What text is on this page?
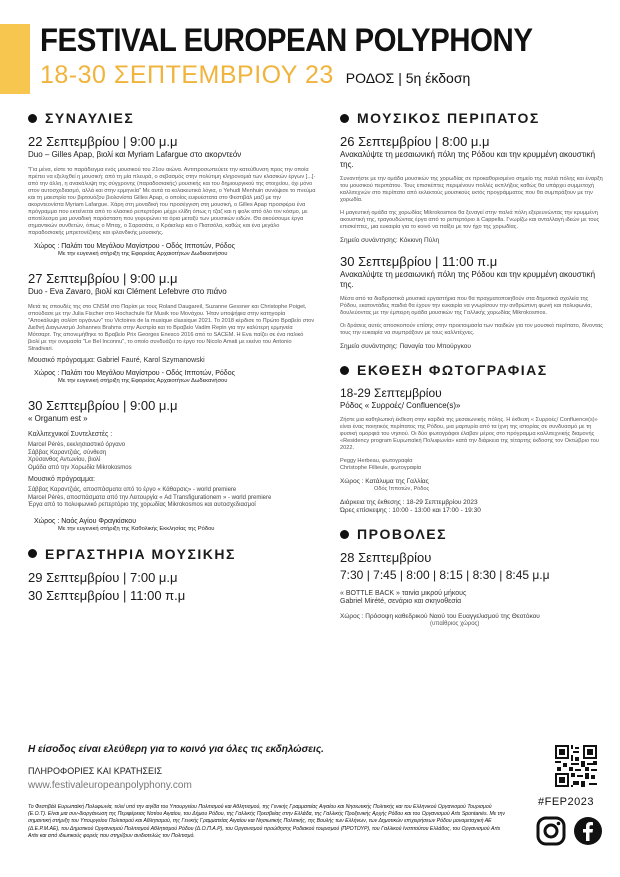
FESTIVAL EUROPEAN POLYPHONY
18-30 ΣΕΠΤΕΜΒΡΙΟΥ 23 ΡΟΔΟΣ | 5η έκδοση
ΣΥΝΑΥΛΙΕΣ
22 Σεπτεμβρίου | 9:00 μ.μ
Duo – Gilles Apap, βιολί και Myriam Lafargue στο ακορντεόν
"Για μένα, είστε το παράδειγμα ενός μουσικού του 21ου αιώνα. Αντιπροσωπεύετε την κατεύθυνση προς την οποία πρέπει να εξελιχθεί η μουσική: από τη μία πλευρά, ο σεβασμός στην πολύτιμη κληρονομιά των κλασικών έργων [...]· από την άλλη, η ανακάλυψη της σύγχρονης (παραδοσιακής) μουσικής και του δημιουργικού της στοιχείου, όχι μόνο στον αυτοσχεδιασμό, αλλά και στην ερμηνεία" Με αυτά τα κολακευτικά λόγια, ο Yehudi Menhuin συνόψισε το πνεύμα και τη μαεστρία του βιρτουόζου βιολονίστα Gilles Apap, ο οποίος ευφυέστατα στο Φεστιβάλ μαζί με την ακορντεονίστα Myriam Lafargue. Χάρη στη μοναδική του προσέγγιση στη μουσική, ο Gilles Apap προσφέρει ένα πρόγραμμα που εκτείνεται από το κλασικό ρεπερτόριο μέχρι ελίδη όπως η τζαζ και η φολκ από όλο τον κόσμο, με αποτέλεσμα μια μοναδική παράσταση που γεφυρώνει τα όρια μεταξύ των μουσικών ειδών. Θα ακούσουμε έργα σημαντικών συνθετών, όπως ο Μπαχ, ο Σαρασάτε, ο Κράισλερ και ο Πιατσόλα, καθώς και ένα μεγάλο παραδοσιακής μπρετονέζικης και ιρλανδικής μουσικής.
Χώρος : Παλάτι του Μεγάλου Μαγίστρου - Οδός Ιπποτών, Ρόδος
Με την ευγενική στήριξη της Εφορείας Αρχαιοτήτων Δωδεκανήσου
27 Σεπτεμβρίου | 9:00 μ.μ
Duo - Eva Zavaro, βιολί και Clément Lefebvre στο πιάνο
Μετά τις σπουδές της στο CNSM στο Παρίσι με τους Roland Daugareil, Suzanne Gessner και Christophe Poiget, σπούδασε με την Julia Fischer στο Hochschule für Musik του Μονάχου. Ήταν υποψήφια στην κατηγορία "Αποκάλυψη σολίστ οργάνων" του Victoires de la musique classique 2021. Το 2018 κέρδισε το Πρώτο Βραβείο στον Διεθνή Διαγωνισμό Johannes Brahms στην Αυστρία και το Βραβείο Vadim Repin για την καλύτερη ερμηνεία Μότσαρτ. Της απονεμήθηκε το Βραβείο Prix Georges Enesco 2016 από το SACEM. Η Eva παίζει σε ένα ιταλικό βιολί με την ονομασία "Le Bel Inconnu", τo οποίο συνδυάζει το έργο του Nicolo Amati με εκείνο του Antonio Stradivari.
Μουσικό πρόγραμμα: Gabriel Fauré, Karol Szymanowski
Χώρος : Παλάτι του Μεγάλου Μαγίστρου - Οδός Ιπποτών, Ρόδος
Με την ευγενική στήριξη της Εφορείας Αρχαιοτήτων Δωδεκανήσου
30 Σεπτεμβρίου | 9:00 μ.μ
« Organum est »
Καλλιτεχνικοί Συντελεστές :
Marcel Pérès, εκκλησιαστικό όργανο
Σάββας Καραντζιάς, σύνθεση
Χρύσανθος Αντωνίου, βιολί
Ομάδα από την Χορωδία Mikrokosmos
Μουσικό πρόγραμμα:
Σάββας Καραντζιάς, αποσπάσματα από το έργο « Κάθαρσις» - world premiere
Marcel Pérès, αποσπάσματα από την Λειτουργία « Ad Transfigurationem » - world premiere
Έργα από το πολυφωνικό ρεπερτόριο της χορωδίας Mikrokosmos και αυτοσχεδιασμοί
Χώρος : Ναός Αγίου Φραγκίσκου
Με την ευγενική στήριξη της Καθολικής Εκκλησίας της Ρόδου
ΕΡΓΑΣΤΗΡΙΑ ΜΟΥΣΙΚΗΣ
29 Σεπτεμβρίου | 7:00 μ.μ
30 Σεπτεμβρίου | 11:00 π.μ
ΜΟΥΣΙΚΟΣ ΠΕΡΙΠΑΤΟΣ
26 Σεπτεμβρίου | 8:00 μ.μ
Ανακαλύψτε τη μεσαιωνική πόλη της Ρόδου και την κρυμμένη ακουστική της.
Συναντήστε με την ομάδα μουσικών της χορωδίας σε προκαθορισμένο σημείο της παλιά πόλης και έναρξη του μουσικού περιπάτου. Τους επισκέπτες περιμένουν πολλές εκπλήξεις καθώς θα υπάρχει συμμετοχή καλλιτεχνών στο περίπατο από εκλεκτούς μουσικούς εκτός προγράμματος που θα συμπράξουν με την χορωδία.
Η μαγευτική ομάδα της χορωδίας Mikrokosmos θα ξεναγεί στην παλιά πόλη εξερευνώντας την κρυμμένη ακουστική της, τραγουδώντας έργα από το ρεπερτόριο à Cappella. Γνωρίζω και ανταλλαγή ιδεών με τους επισκέπτες, μια ευκαιρία για το κοινό να παίξει με τον ήχο της χορωδίας.
Σημείο συνάντησης: Κόκκινη Πύλη
30 Σεπτεμβρίου | 11:00 π.μ
Ανακαλύψτε τη μεσαιωνική πόλη της Ρόδου και την κρυμμένη ακουστική της.
Μέσα από τα διαδραστικά μουσικά εργαστήρια που θα πραγματοποιηθούν στα δημοτικά σχολεία της Ρόδου, εκατοντάδες παιδιά θα έχουν την ευκαιρία να γνωρίσουν την ανθρώπινη φωνή και πολυφωνία, δουλεύοντας με την έμπειρη ομάδα μουσικών της Γαλλικής χορωδίας Mikrokosmos.
Οι δράσεις αυτές αποσκοπούν επίσης στην προετοιμασία των παιδιών για τον μουσικό περίπατο, δίνοντας τους την ευκαιρία να συμπράξουν με τους καλλιτέχνες.
Σημείο συνάντησης: Παναγία του Μπούργκου
ΕΚΘΕΣΗ ΦΩΤΟΓΡΑΦΙΑΣ
18-29 Σεπτεμβρίου
Ρόδος « Συρροές/ Confluence(s)»
Ζήστε μια καθηλωτική έκθεση στην καρδιά της μεσαιωνικής πόλης. Η έκθεση « Συρροές/ Confluence(s)» είναι ένας ποιητικός περίπατος της Ρόδου, μια μαρτυρία από τα ίχνη της ιστορίας σε συνδυασμό με τη φυσική ομορφιά του νησιού. Οι δύο φωτογράφοι έλαβαν μέρος στο πρόγραμμα καλλιτεχνικής διαμονής «Residency program Ευρωπαϊκή Πολυφωνία» κατά την διάρκεια της τέταρτης έκδοσης τον Οκτώβριο του 2022.
Peggy Herbeau, φωτογραφία
Christophe Fillieule, φωτογραφία
Χώρος : Κατάλυμα της Γαλλίας
Οδός Ιπποτών, Ρόδος
Διάρκεια της έκθεσης : 18-29 Σεπτεμβρίου 2023
Ώρες επίσκεψης : 10:00 - 13:00 και 17:00 - 19:30
ΠΡΟΒΟΛΕΣ
28 Σεπτεμβρίου
7:30 | 7:45 | 8:00 | 8:15 | 8:30 | 8:45 μ.μ
« BOTTLE BACK » ταινία μικρού μήκους
Gabriel Mirété, σενάριο και σκηνοθεσία
Χώρος : Πρόσοψη καθεδρικού Ναού του Ευαγγελισμού της Θεοτόκου
(υπαίθριος χώρος)
Η είσοδος είναι ελεύθερη για το κοινό για όλες τις εκδηλώσεις.
ΠΛΗΡΟΦΟΡΙΕΣ ΚΑΙ ΚΡΑΤΗΣΕΙΣ
www.festivaleuropeanpolyphony.com
Το Φεστιβάλ Ευρωπαϊκή Πολυφωνία, τελεί υπό την αιγίδα του Υπουργείου Πολιτισμού και Αθλητισμού, της Γενικής Γραμματείας Αιγαίου και Νησιωτικής Πολιτικής και του Ελληνικού Οργανισμού Τουρισμού (Ε.Ο.Τ). Είναι μια συν-διοργάνωση της Περιφέρειας Νοτίου Αιγαίου, του Δήμου Ρόδου, της Γαλλικής Πρεσβείας στην Ελλάδα, της Γαλλικής Προξενικής Αρχής Ρόδου και του Οργανισμού Arts Spontanés. Με την σημαντική στήριξη του Υπουργείου Πολιτισμού και Αθλητισμού, της Γενικής Γραμματείας Αιγαίου και Νησιωτικής Πολιτικής, της Βουλής των Ελλήνων, των Δημοτικών επιχειρήσεων Ρόδου μονομετοχική ΑΕ (Δ.Ε.Ρ.Μ.ΑΕ), του Δημοτικού Οργανισμού Πολιτισμού Αθλητισμού Ρόδου (Δ.Ο.Π.Α.Ρ), του Οργανισμού προώθησης Ροδιακού τουρισμού (ΠΡΟΤΟΥΡ), του Γαλλικού Ινστιτούτου Ελλάδος, του Οργανισμού Arts Artix και από ιδιωτικούς φορείς που στηρίζουν ανιδιοτελώς τον Πολιτισμό.
#FEP2023
